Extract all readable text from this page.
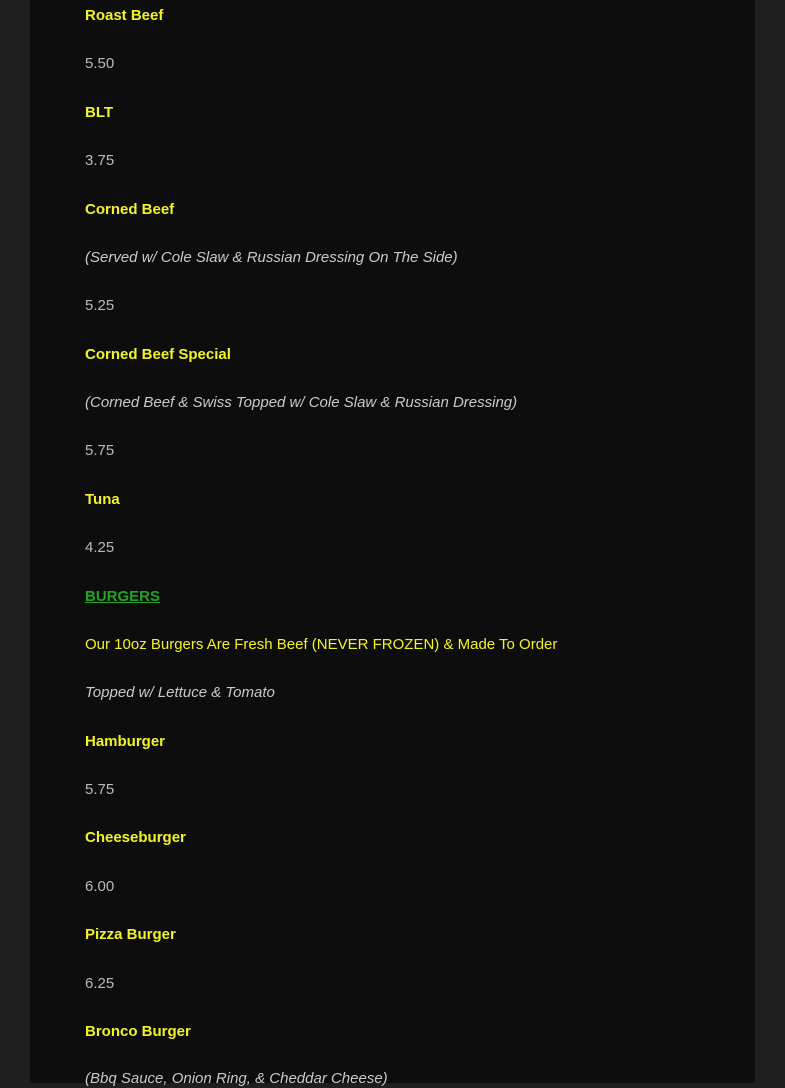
Roast Beef
5.50
BLT
3.75
Corned Beef
(Served w/ Cole Slaw & Russian Dressing On The Side)
5.25
Corned Beef Special
(Corned Beef & Swiss Topped w/ Cole Slaw & Russian Dressing)
5.75
Tuna
4.25
BURGERS
Our 10oz Burgers Are Fresh Beef (NEVER FROZEN) & Made To Order
Topped w/ Lettuce & Tomato
Hamburger
5.75
Cheeseburger
6.00
Pizza Burger
6.25
Bronco Burger
(Bbq Sauce, Onion Ring, & Cheddar Cheese)
